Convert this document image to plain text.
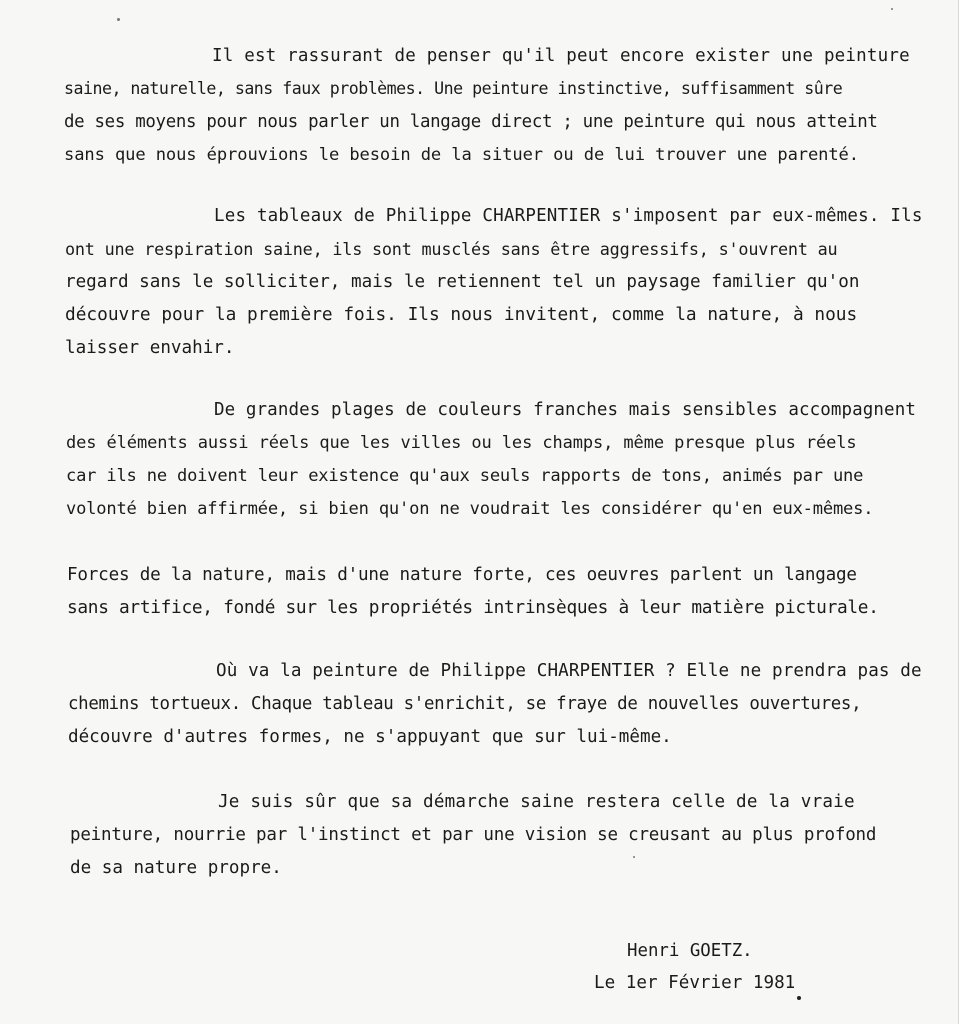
Il est rassurant de penser qu'il peut encore exister une peinture
saine, naturelle, sans faux problèmes. Une peinture instinctive, suffisamment sûre
de ses moyens pour nous parler un langage direct ; une peinture qui nous atteint
sans que nous éprouvions le besoin de la situer ou de lui trouver une parenté.
Les tableaux de Philippe CHARPENTIER s'imposent par eux-mêmes. Ils
ont une respiration saine, ils sont musclés sans être aggressifs, s'ouvrent au
regard sans le solliciter, mais le retiennent tel un paysage familier qu'on
découvre pour la première fois. Ils nous invitent, comme la nature, à nous
laisser envahir.
De grandes plages de couleurs franches mais sensibles accompagnent
des éléments aussi réels que les villes ou les champs, même presque plus réels
car ils ne doivent leur existence qu'aux seuls rapports de tons, animés par une
volonté bien affirmée, si bien qu'on ne voudrait les considérer qu'en eux-mêmes.
Forces de la nature, mais d'une nature forte, ces oeuvres parlent un langage
sans artifice, fondé sur les propriétés intrinsèques à leur matière picturale.
Où va la peinture de Philippe CHARPENTIER ? Elle ne prendra pas de
chemins tortueux. Chaque tableau s'enrichit, se fraye de nouvelles ouvertures,
découvre d'autres formes, ne s'appuyant que sur lui-même.
Je suis sûr que sa démarche saine restera celle de la vraie
peinture, nourrie par l'instinct et par une vision se creusant au plus profond
de sa nature propre.
Henri GOETZ.
Le 1er Février 1981
